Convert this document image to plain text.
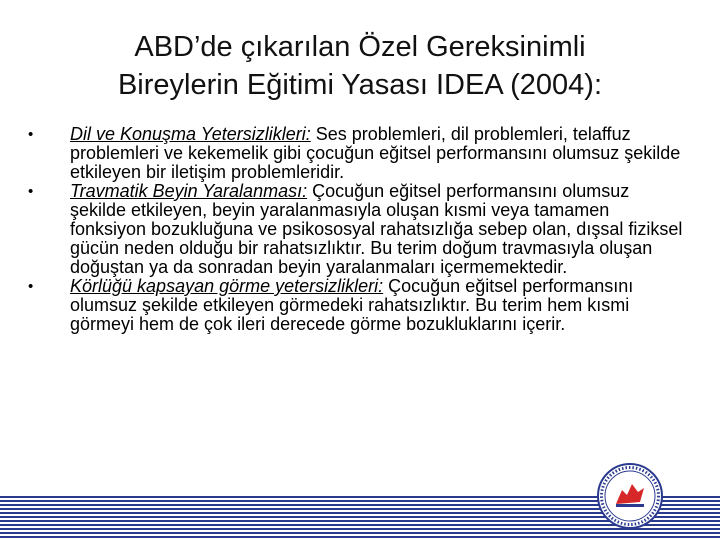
ABD’de çıkarılan Özel Gereksinimli
Bireylerin Eğitimi Yasası IDEA (2004):
•	Dil ve Konuşma Yetersizlikleri: Ses problemleri, dil problemleri, telaffuz problemleri ve kekemelik gibi çocuğun eğitsel performansını olumsuz şekilde etkileyen bir iletişim problemleridir.
•	Travmatik Beyin Yaralanması: Çocuğun eğitsel performansını olumsuz şekilde etkileyen, beyin yaralanmasıyla oluşan kısmi veya tamamen fonksiyon bozukluğuna ve psikososyal rahatsızlığa sebep olan, dışsal fiziksel gücün neden olduğu bir rahatsızlıktır. Bu terim doğum travmasıyla oluşan doğuştan ya da sonradan beyin yaralanmaları içermemektedir.
•	Körlüğü kapsayan görme yetersizlikleri: Çocuğun eğitsel performansını olumsuz şekilde etkileyen görmedeki rahatsızlıktır. Bu terim hem kısmi görmeyi hem de çok ileri derecede görme bozukluklarını içerir.
